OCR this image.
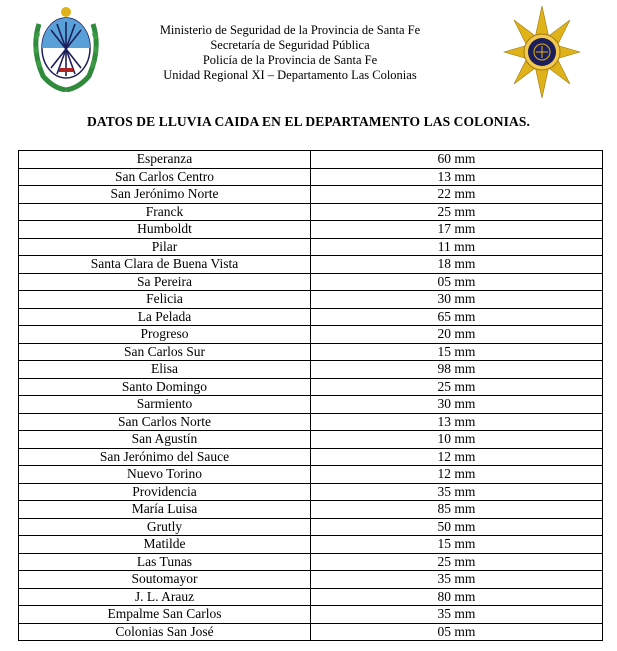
Ministerio de Seguridad de la Provincia de Santa Fe
Secretaría de Seguridad Pública
Policía de la Provincia de Santa Fe
Unidad Regional XI – Departamento Las Colonias
DATOS DE LLUVIA CAIDA EN EL DEPARTAMENTO LAS COLONIAS.
Esperanza	60 mm
San Carlos Centro	13 mm
San Jerónimo Norte	22 mm
Franck	25 mm
Humboldt	17 mm
Pilar	11 mm
Santa Clara de Buena Vista	18 mm
Sa Pereira	05 mm
Felicia	30 mm
La Pelada	65 mm
Progreso	20 mm
San Carlos Sur	15 mm
Elisa	98 mm
Santo Domingo	25 mm
Sarmiento	30 mm
San Carlos Norte	13 mm
San Agustín	10 mm
San Jerónimo del Sauce	12 mm
Nuevo Torino	12 mm
Providencia	35 mm
María Luisa	85 mm
Grutly	50 mm
Matilde	15 mm
Las Tunas	25 mm
Soutomayor	35 mm
J. L. Arauz	80 mm
Empalme San Carlos	35 mm
Colonias San José	05 mm
